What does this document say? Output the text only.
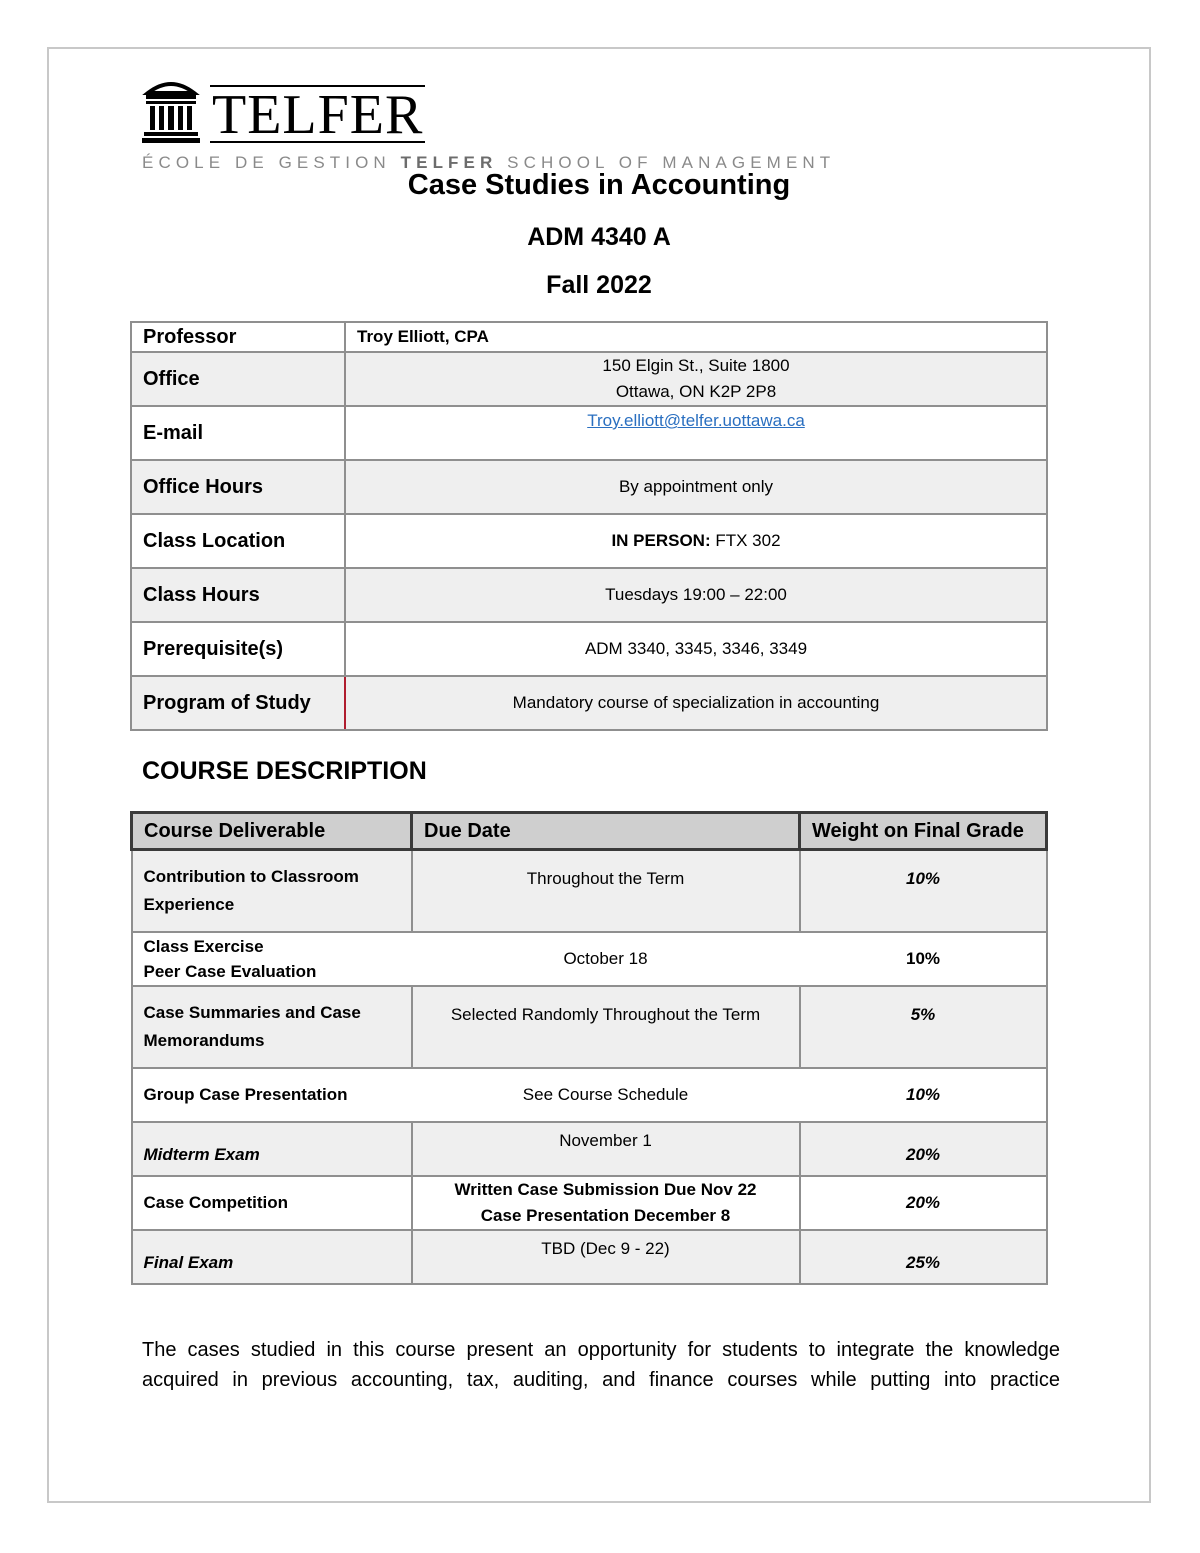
TELFER
ÉCOLE DE GESTION TELFER SCHOOL OF MANAGEMENT
Case Studies in Accounting
ADM 4340 A
Fall 2022
Professor	Troy Elliott, CPA
Office	150 Elgin St., Suite 1800
Ottawa, ON K2P 2P8

E-mail	Troy.elliott@telfer.uottawa.ca
Office Hours	By appointment only
Class Location	IN PERSON: FTX 302
Class Hours	Tuesdays 19:00 – 22:00
Prerequisite(s)	ADM 3340, 3345, 3346, 3349
Program of Study	Mandatory course of specialization in accounting
COURSE DESCRIPTION
Course Deliverable	Due Date	Weight on Final Grade
Contribution to Classroom Experience	Throughout the Term	10%

Class Exercise
Peer Case Evaluation	October 18	10%
Case Summaries and Case Memorandums	Selected Randomly Throughout the Term	5%
Group Case Presentation	See Course Schedule	10%
Midterm Exam	November 1	20%
Case Competition	Written Case Submission Due Nov 22
Case Presentation December 8	20%
Final Exam	TBD (Dec 9 - 22)	25%
The cases studied in this course present an opportunity for students to integrate the knowledge acquired in previous accounting, tax, auditing, and finance courses while putting into practice
